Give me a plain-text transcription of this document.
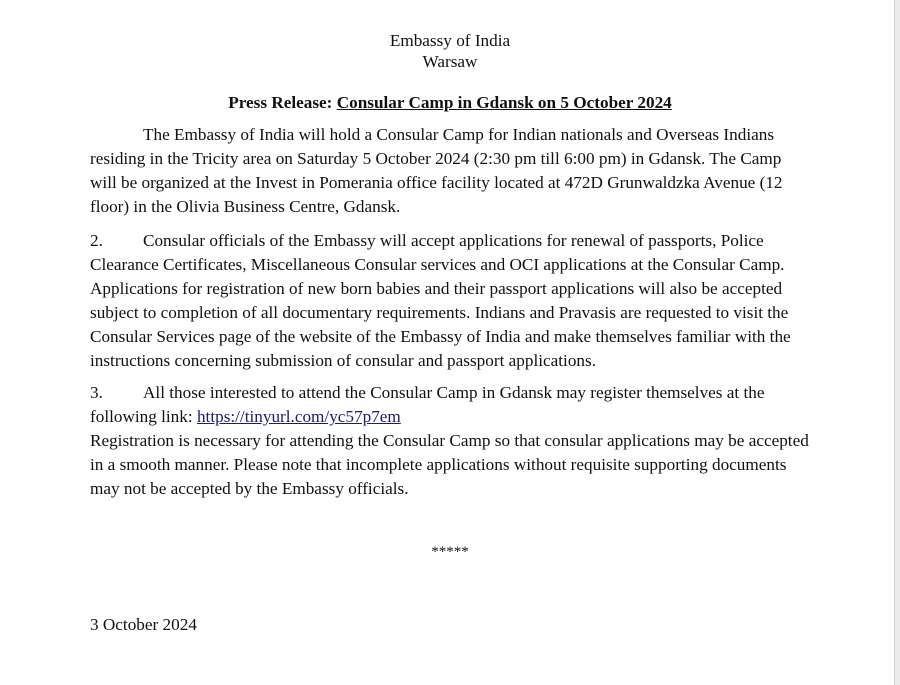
Embassy of India
Warsaw
Press Release: Consular Camp in Gdansk on 5 October 2024
The Embassy of India will hold a Consular Camp for Indian nationals and Overseas Indians residing in the Tricity area on Saturday 5 October 2024 (2:30 pm till 6:00 pm) in Gdansk. The Camp will be organized at the Invest in Pomerania office facility located at 472D Grunwaldzka Avenue (12 floor) in the Olivia Business Centre, Gdansk.
2. Consular officials of the Embassy will accept applications for renewal of passports, Police Clearance Certificates, Miscellaneous Consular services and OCI applications at the Consular Camp. Applications for registration of new born babies and their passport applications will also be accepted subject to completion of all documentary requirements. Indians and Pravasis are requested to visit the Consular Services page of the website of the Embassy of India and make themselves familiar with the instructions concerning submission of consular and passport applications.
3. All those interested to attend the Consular Camp in Gdansk may register themselves at the following link: https://tinyurl.com/yc57p7em
Registration is necessary for attending the Consular Camp so that consular applications may be accepted in a smooth manner. Please note that incomplete applications without requisite supporting documents may not be accepted by the Embassy officials.
*****
3 October 2024
